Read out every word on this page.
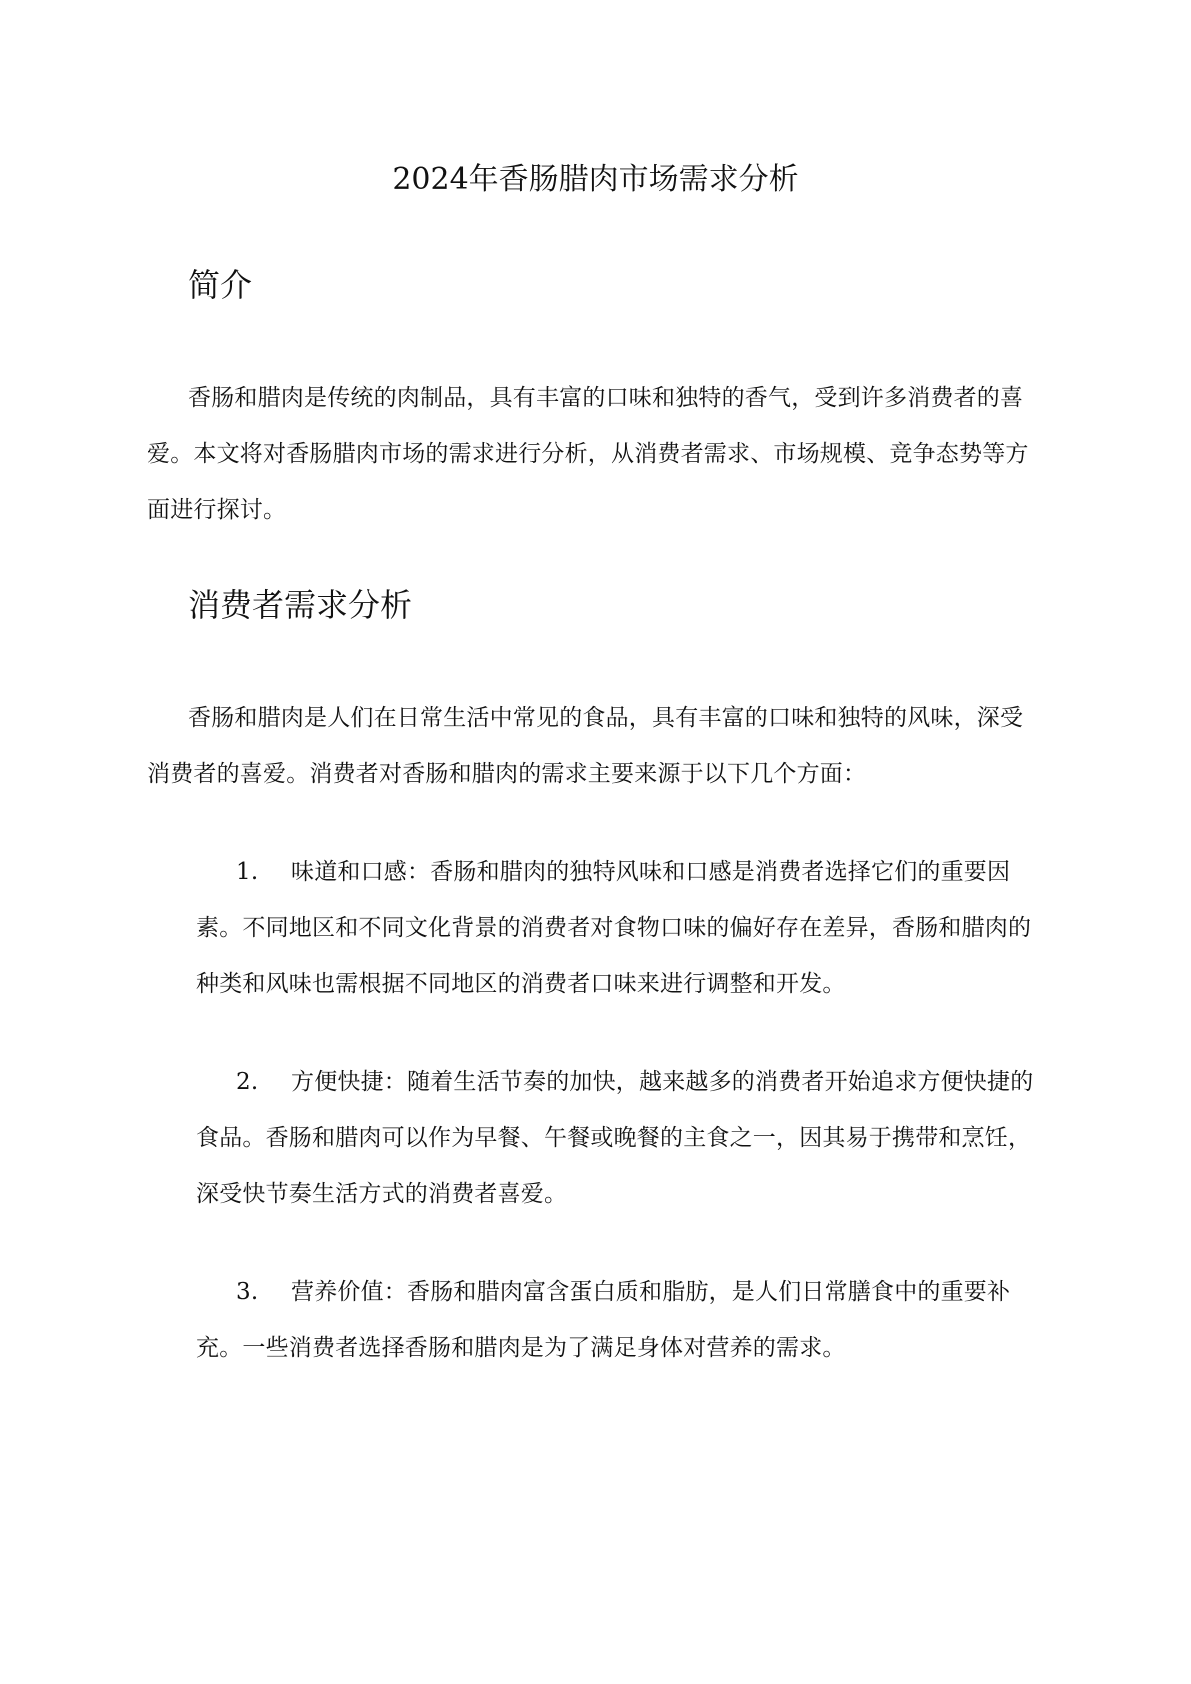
2024年香肠腊肉市场需求分析
简介

香肠和腊肉是传统的肉制品，具有丰富的口味和独特的香气，受到许多消费者的喜爱。本文将对香肠腊肉市场的需求进行分析，从消费者需求、市场规模、竞争态势等方面进行探讨。

消费者需求分析

香肠和腊肉是人们在日常生活中常见的食品，具有丰富的口味和独特的风味，深受消费者的喜爱。消费者对香肠和腊肉的需求主要来源于以下几个方面：

1. 味道和口感：香肠和腊肉的独特风味和口感是消费者选择它们的重要因素。不同地区和不同文化背景的消费者对食物口味的偏好存在差异，香肠和腊肉的种类和风味也需根据不同地区的消费者口味来进行调整和开发。

2. 方便快捷：随着生活节奏的加快，越来越多的消费者开始追求方便快捷的食品。香肠和腊肉可以作为早餐、午餐或晚餐的主食之一，因其易于携带和烹饪，深受快节奏生活方式的消费者喜爱。

3. 营养价值：香肠和腊肉富含蛋白质和脂肪，是人们日常膳食中的重要补充。一些消费者选择香肠和腊肉是为了满足身体对营养的需求。
